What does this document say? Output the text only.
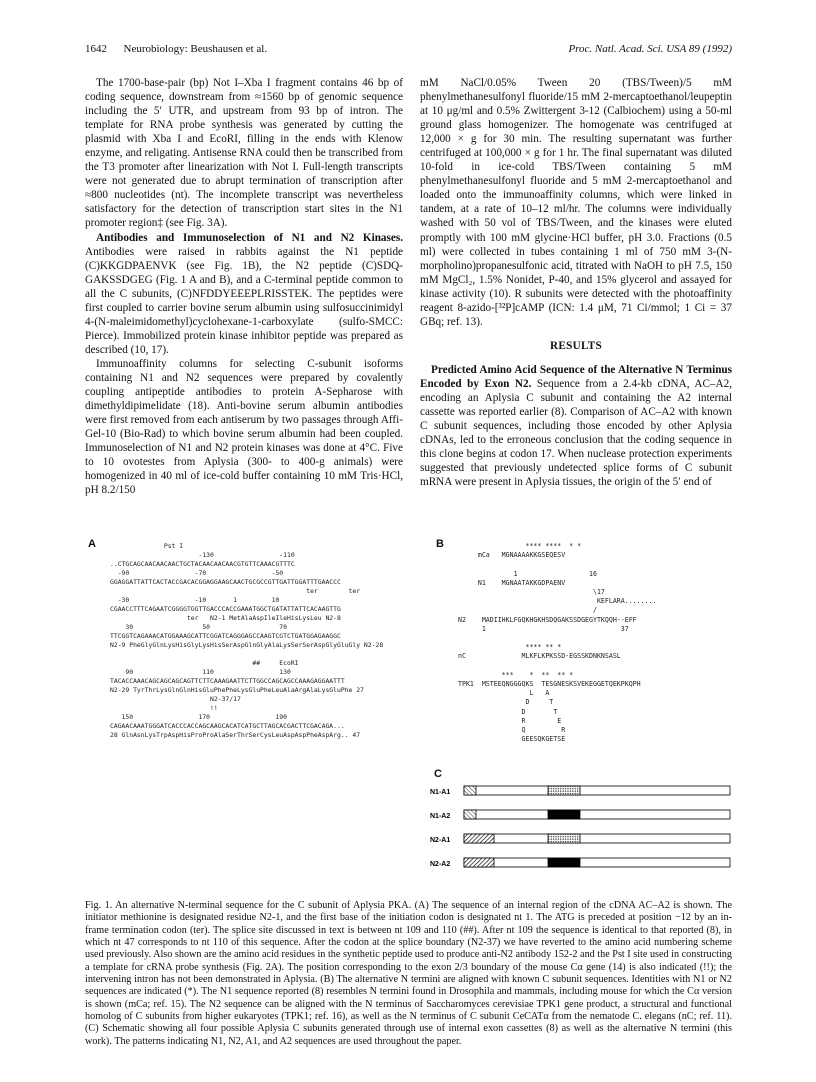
1642 Neurobiology: Beushausen et al.	Proc. Natl. Acad. Sci. USA 89 (1992)

The 1700-base-pair (bp) Not I–Xba I fragment contains 46 bp of coding sequence, downstream from ≈1560 bp of genomic sequence including the 5′ UTR, and upstream from 93 bp of intron. The template for RNA probe synthesis was generated by cutting the plasmid with Xba I and EcoRI, filling in the ends with Klenow enzyme, and religating. Antisense RNA could then be transcribed from the T3 promoter after linearization with Not I. Full-length transcripts were not generated due to abrupt termination of transcription after ≈800 nucleotides (nt). The incomplete transcript was nevertheless satisfactory for the detection of transcription start sites in the N1 promoter region‡ (see Fig. 3A).

Antibodies and Immunoselection of N1 and N2 Kinases. Antibodies were raised in rabbits against the N1 peptide (C)KKGDPAENVK (see Fig. 1B), the N2 peptide (C)SDQ-GAKSSDGEG (Fig. 1 A and B), and a C-terminal peptide common to all the C subunits, (C)NFDDYEEEPLRISSTEK. The peptides were first coupled to carrier bovine serum albumin using sulfosuccinimidyl 4-(N-maleimidomethyl)cyclohexane-1-carboxylate (sulfo-SMCC: Pierce). Immobilized protein kinase inhibitor peptide was prepared as described (10, 17).

Immunoaffinity columns for selecting C-subunit isoforms containing N1 and N2 sequences were prepared by covalently coupling antipeptide antibodies to protein A-Sepharose with dimethyldipimelidate (18). Anti-bovine serum albumin antibodies were first removed from each antiserum by two passages through Affi-Gel-10 (Bio-Rad) to which bovine serum albumin had been coupled. Immunoselection of N1 and N2 protein kinases was done at 4°C. Five to 10 ovotestes from Aplysia (300- to 400-g animals) were homogenized in 40 ml of ice-cold buffer containing 10 mM Tris·HCl, pH 8.2/150

mM NaCl/0.05% Tween 20 (TBS/Tween)/5 mM phenylmethanesulfonyl fluoride/15 mM 2-mercaptoethanol/leupeptin at 10 μg/ml and 0.5% Zwittergent 3-12 (Calbiochem) using a 50-ml ground glass homogenizer. The homogenate was centrifuged at 12,000 × g for 30 min. The resulting supernatant was further centrifuged at 100,000 × g for 1 hr. The final supernatant was diluted 10-fold in ice-cold TBS/Tween containing 5 mM phenylmethanesulfonyl fluoride and 5 mM 2-mercaptoethanol and loaded onto the immunoaffinity columns, which were linked in tandem, at a rate of 10–12 ml/hr. The columns were individually washed with 50 vol of TBS/Tween, and the kinases were eluted promptly with 100 mM glycine·HCl buffer, pH 3.0. Fractions (0.5 ml) were collected in tubes containing 1 ml of 750 mM 3-(N-morpholino)propanesulfonic acid, titrated with NaOH to pH 7.5, 150 mM MgCl₂, 1.5% Nonidet, P-40, and 15% glycerol and assayed for kinase activity (10). R subunits were detected with the photoaffinity reagent 8-azido-[³²P]cAMP (ICN: 1.4 μM, 71 Ci/mmol; 1 Ci = 37 GBq; ref. 13).

RESULTS

Predicted Amino Acid Sequence of the Alternative N Terminus Encoded by Exon N2. Sequence from a 2.4-kb cDNA, AC–A2, encoding an Aplysia C subunit and containing the A2 internal cassette was reported earlier (8). Comparison of AC–A2 with known C subunit sequences, including those encoded by other Aplysia cDNAs, led to the erroneous conclusion that the coding sequence in this clone begins at codon 17. When nuclease protection experiments suggested that previously undetected splice forms of C subunit mRNA were present in Aplysia tissues, the origin of the 5′ end of

A Pst I
-130                 -110
..CTGCAGCAACAACAACTGCTACAACAACAACGTGTTCAAACGTTTC
-90                 -70                 -50
GGAGGATTATTCACTACCGACACGGAGGAAGCAACTGCGCCGTTGATTGGATTTGAACCC
ter        ter
-30                 -10       1         10
CGAACCTTTCAGAATCGGGGTGGTTGACCCACCGAAATGGCTGATATTATTCACAAGTTG
ter   N2-1 MetAlaAspIleIleHisLysLeu N2-8
30                  50                  70
TTCGGTCAGAAACATGGAAAGCATTCGGATCAGGGAGCCAAGTCGTCTGATGGAGAAGGC
N2-9 PheGlyGlnLysHisGlyLysHisSerAspGlnGlyAlaLysSerSerAspGlyGluGly N2-28

##     EcoRI
90                  110                 130
TACACCAAACAGCAGCAGCAGTTCTTCAAAGAATTCTTGGCCAGCAGCCAAAGAGGAATTT
N2-29 TyrThrLysGlnGlnHisGluPhePheLysGluPheLeuAlaArgAlaLysGluPhe 27
N2-37/17
!!
150                 170                 190
CAGAACAAATGGGATCACCCACCAGCAAGCACATCATGCTTAGCACGACTTCGACAGA...
28 GlnAsnLysTrpAspHisProProAlaSerThrSerCysLeuAspAspPheAspArg.. 47
B **** ****  * *
mCa   MGNAAAAKKGSEQESV

1                  16
N1    MGNAATAKKGDPAENV
\17
KEFLARA........
/
N2    MADIIHKLFGQKHGKHSDQGAKSSDGEGYTKQQH--EFF
1                                  37

**** ** *
nC              MLKFLKPKSSD-EGSSKDNKNSASL

***    *  **  ** *
TPK1  MSTEEQNGGGQKS  TESGNESKSVEKEGGETQEKPKQPH
L   A
D     T
D       T
R        E
Q         R
GEESQKGETSE
C
N1-A1
N1-A2
N2-A1
N2-A2

Fig. 1. An alternative N-terminal sequence for the C subunit of Aplysia PKA. (A) The sequence of an internal region of the cDNA AC–A2 is shown. The initiator methionine is designated residue N2-1, and the first base of the initiation codon is designated nt 1. The ATG is preceded at position −12 by an in-frame termination codon (ter). The splice site discussed in text is between nt 109 and 110 (##). After nt 109 the sequence is identical to that reported (8), in which nt 47 corresponds to nt 110 of this sequence. After the codon at the splice boundary (N2-37) we have reverted to the amino acid numbering scheme used previously. Also shown are the amino acid residues in the synthetic peptide used to produce anti-N2 antibody 152-2 and the Pst I site used in constructing a template for cRNA probe synthesis (Fig. 2A). The position corresponding to the exon 2/3 boundary of the mouse Cα gene (14) is also indicated (!!); the intervening intron has not been demonstrated in Aplysia. (B) The alternative N termini are aligned with known C subunit sequences. Identities with N1 or N2 sequences are indicated (*). The N1 sequence reported (8) resembles N termini found in Drosophila and mammals, including mouse for which the Cα version is shown (mCa; ref. 15). The N2 sequence can be aligned with the N terminus of Saccharomyces cerevisiae TPK1 gene product, a structural and functional homolog of C subunits from higher eukaryotes (TPK1; ref. 16), as well as the N terminus of C subunit CeCATα from the nematode C. elegans (nC; ref. 11). (C) Schematic showing all four possible Aplysia C subunits generated through use of internal exon cassettes (8) as well as the alternative N termini (this work). The patterns indicating N1, N2, A1, and A2 sequences are used throughout the paper.
